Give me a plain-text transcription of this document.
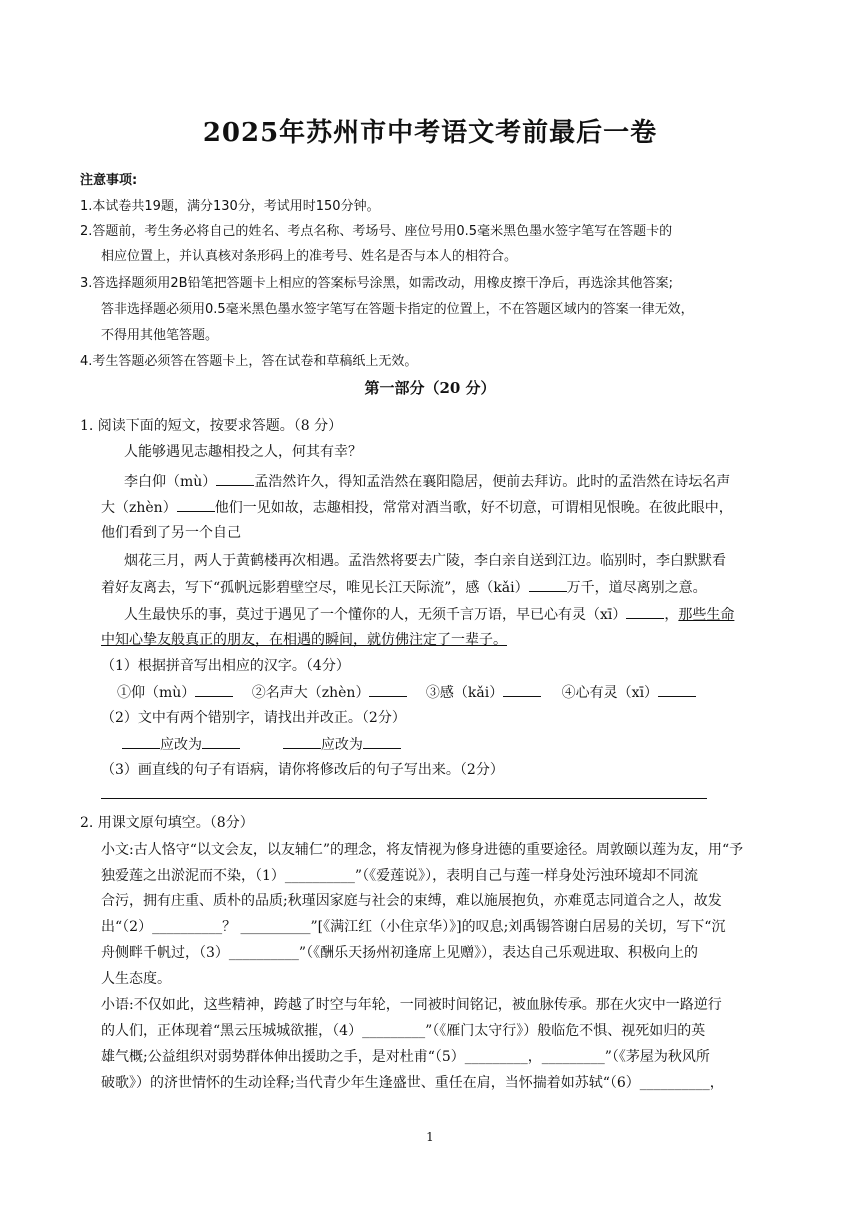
2025年苏州市中考语文考前最后一卷
注意事项:
1.本试卷共19题，满分130分，考试用时150分钟。
2.答题前，考生务必将自己的姓名、考点名称、考场号、座位号用0.5毫米黑色墨水签字笔写在答题卡的
相应位置上，并认真核对条形码上的准考号、姓名是否与本人的相符合。
3.答选择题须用2B铅笔把答题卡上相应的答案标号涂黑，如需改动，用橡皮擦干净后，再选涂其他答案;
答非选择题必须用0.5毫米黑色墨水签字笔写在答题卡指定的位置上，不在答题区域内的答案一律无效，
不得用其他笔答题。
4.考生答题必须答在答题卡上，答在试卷和草稿纸上无效。
第一部分（20 分）
1. 阅读下面的短文，按要求答题。（8 分）
人能够遇见志趣相投之人，何其有幸？
李白仰（mù）	孟浩然许久，得知孟浩然在襄阳隐居，便前去拜访。此时的孟浩然在诗坛名声
大（zhèn）	他们一见如故，志趣相投，常常对酒当歌，好不切意，可谓相见恨晚。在彼此眼中，
他们看到了另一个自己
烟花三月，两人于黄鹤楼再次相遇。孟浩然将要去广陵，李白亲自送到江边。临别时，李白默默看
着好友离去，写下“孤帆远影碧壁空尽，唯见长江天际流”，感（kǎi）	万千，道尽离别之意。
人生最快乐的事，莫过于遇见了一个懂你的人，无须千言万语，早已心有灵（xī）	，那些生命
中知心挚友般真正的朋友，在相遇的瞬间，就仿佛注定了一辈子。
（1）根据拼音写出相应的汉字。（4分）
①仰（mù）	②名声大（zhèn）	③感（kǎi）	④心有灵（xī）
（2）文中有两个错别字，请找出并改正。（2分）
应改为	应改为
（3）画直线的句子有语病，请你将修改后的句子写出来。（2分）
2. 用课文原句填空。（8分）
小文:古人恪守“以文会友，以友辅仁”的理念，将友情视为修身进德的重要途径。周敦颐以莲为友，用“予
独爱莲之出淤泥而不染，（1）__________”（《爱莲说》），表明自己与莲一样身处污浊环境却不同流
合污，拥有庄重、质朴的品质;秋瑾因家庭与社会的束缚，难以施展抱负，亦难觅志同道合之人，故发
出“（2）__________？ __________”[《满江红（小住京华）》]的叹息;刘禹锡答谢白居易的关切，写下“沉
舟侧畔千帆过，（3）__________”（《酬乐天扬州初逢席上见赠》），表达自己乐观进取、积极向上的
人生态度。
小语:不仅如此，这些精神，跨越了时空与年轮，一同被时间铭记，被血脉传承。那在火灾中一路逆行
的人们，正体现着“黑云压城城欲摧，（4）_________”（《雁门太守行》）般临危不惧、视死如归的英
雄气概;公益组织对弱势群体伸出援助之手，是对杜甫“（5）_________，_________”（《茅屋为秋风所
破歌》）的济世情怀的生动诠释;当代青少年生逢盛世、重任在肩，当怀揣着如苏轼“（6）__________，
1
